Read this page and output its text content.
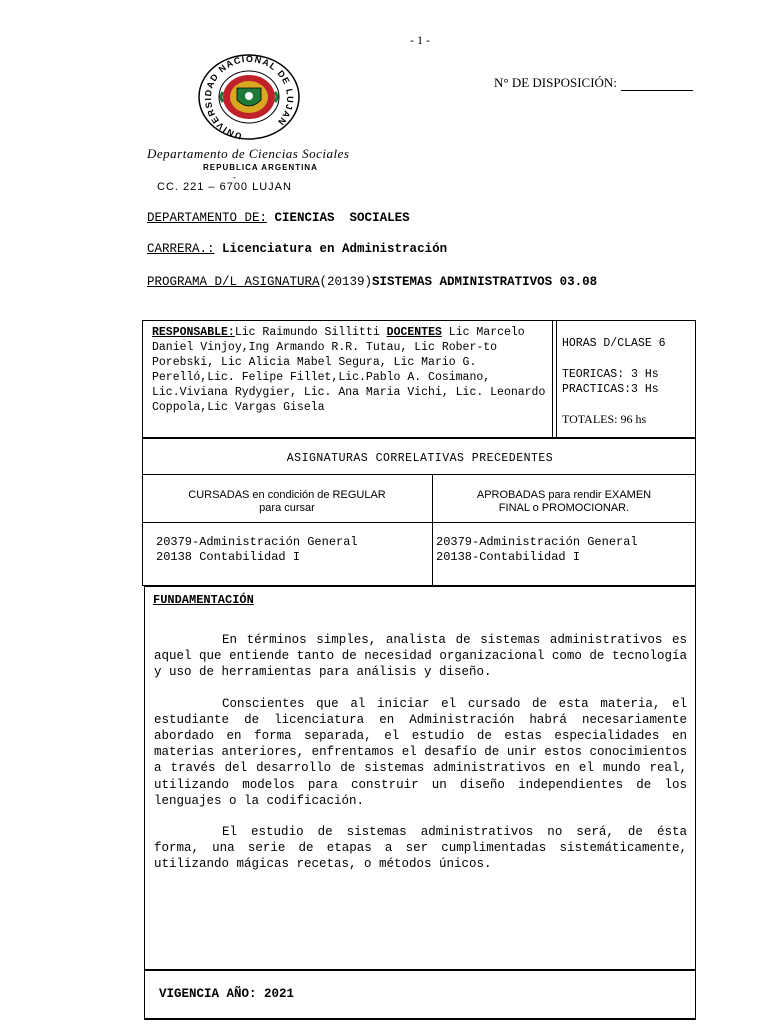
- 1 -
N° DE DISPOSICIÓN:
UNIVERSIDAD NACIONAL DE LUJAN
Departamento de Ciencias Sociales
REPUBLICA ARGENTINA
-
CC. 221 – 6700 LUJAN
DEPARTAMENTO DE: CIENCIAS  SOCIALES
CARRERA.: Licenciatura en Administración
PROGRAMA D/L ASIGNATURA(20139)SISTEMAS ADMINISTRATIVOS 03.08
RESPONSABLE:Lic Raimundo Sillitti DOCENTES Lic Marcelo Daniel Vinjoy,Ing Armando R.R. Tutau, Lic Rober-to Porebski, Lic Alicia Mabel Segura, Lic Mario G. Perelló,Lic. Felipe Fillet,Lic.Pablo A. Cosimano, Lic.Viviana Rydygier, Lic. Ana Maria Vichi, Lic. Leonardo Coppola,Lic Vargas Gisela
HORAS D/CLASE 6
TEORICAS: 3 Hs
PRACTICAS:3 Hs
TOTALES: 96 hs
ASIGNATURAS CORRELATIVAS PRECEDENTES
CURSADAS en condición de REGULAR
para cursar
APROBADAS para rendir EXAMEN
FINAL o PROMOCIONAR.
20379-Administración General
20138 Contabilidad I
20379-Administración General
20138-Contabilidad I
FUNDAMENTACIÓN

En términos simples, analista de sistemas administrativos es aquel que entiende tanto de necesidad organizacional como de tecnología y uso de herramientas para análisis y diseño.

Conscientes que al iniciar el cursado de esta materia, el estudiante de licenciatura en Administración habrá necesariamente abordado en forma separada, el estudio de estas especialidades en materias anteriores, enfrentamos el desafío de unir estos conocimientos a través del desarrollo de sistemas administrativos en el mundo real, utilizando modelos para construir un diseño independientes de los lenguajes o la codificación.

El estudio de sistemas administrativos no será, de ésta forma, una serie de etapas a ser cumplimentadas sistemáticamente, utilizando mágicas recetas, o métodos únicos.

VIGENCIA AÑO: 2021
